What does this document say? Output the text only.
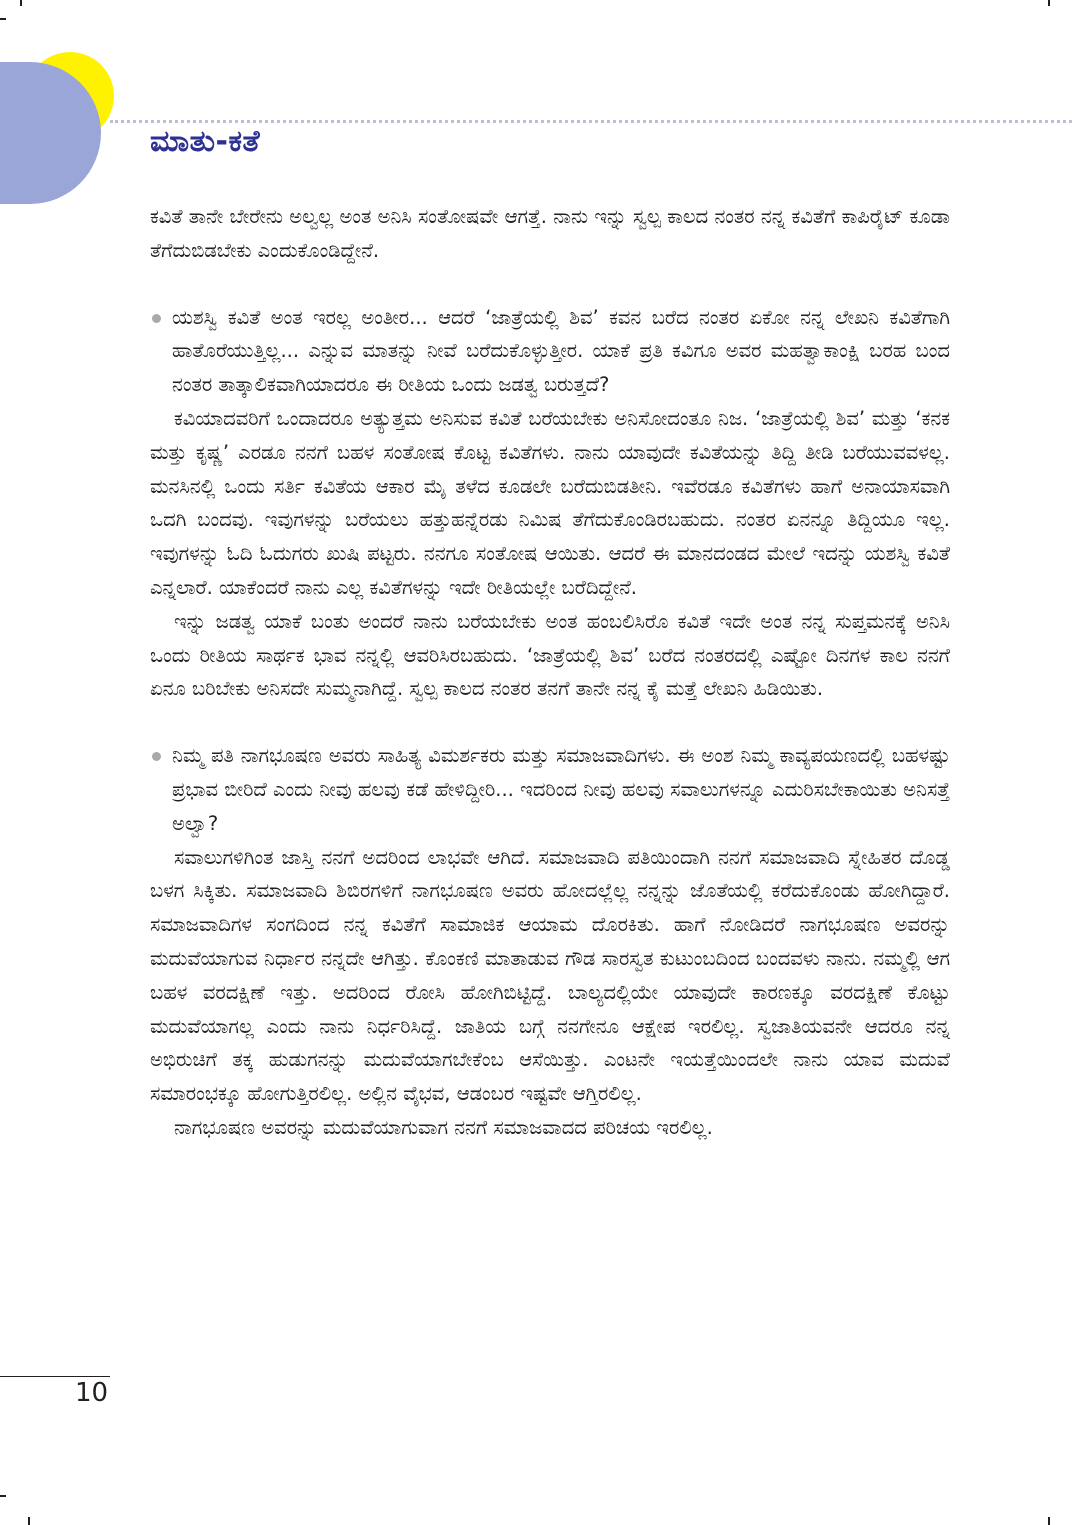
ಮಾತು-ಕತೆ

ಕವಿತೆ ತಾನೇ ಬೇರೇನು ಅಲ್ವಲ್ಲ ಅಂತ ಅನಿಸಿ ಸಂತೋಷವೇ ಆಗತ್ತೆ. ನಾನು ಇನ್ನು ಸ್ವಲ್ಪ ಕಾಲದ ನಂತರ ನನ್ನ ಕವಿತೆಗೆ ಕಾಪಿರೈಟ್ ಕೂಡಾ ತೆಗೆದುಬಿಡಬೇಕು ಎಂದುಕೊಂಡಿದ್ದೇನೆ.

ಯಶಸ್ವಿ ಕವಿತೆ ಅಂತ ಇರಲ್ಲ ಅಂತೀರ... ಆದರೆ ‘ಜಾತ್ರೆಯಲ್ಲಿ ಶಿವ’ ಕವನ ಬರೆದ ನಂತರ ಏಕೋ ನನ್ನ ಲೇಖನಿ ಕವಿತೆಗಾಗಿ ಹಾತೊರೆಯುತ್ತಿಲ್ಲ... ಎನ್ನುವ ಮಾತನ್ನು ನೀವೆ ಬರೆದುಕೊಳ್ಳುತ್ತೀರ. ಯಾಕೆ ಪ್ರತಿ ಕವಿಗೂ ಅವರ ಮಹತ್ವಾಕಾಂಕ್ಷಿ ಬರಹ ಬಂದ ನಂತರ ತಾತ್ಕಾಲಿಕವಾಗಿಯಾದರೂ ಈ ರೀತಿಯ ಒಂದು ಜಡತ್ವ ಬರುತ್ತದೆ?

ಕವಿಯಾದವರಿಗೆ ಒಂದಾದರೂ ಅತ್ಯುತ್ತಮ ಅನಿಸುವ ಕವಿತೆ ಬರೆಯಬೇಕು ಅನಿಸೋದಂತೂ ನಿಜ. ‘ಜಾತ್ರೆಯಲ್ಲಿ ಶಿವ’ ಮತ್ತು ‘ಕನಕ ಮತ್ತು ಕೃಷ್ಣ’ ಎರಡೂ ನನಗೆ ಬಹಳ ಸಂತೋಷ ಕೊಟ್ಟ ಕವಿತೆಗಳು. ನಾನು ಯಾವುದೇ ಕವಿತೆಯನ್ನು ತಿದ್ದಿ ತೀಡಿ ಬರೆಯುವವಳಲ್ಲ. ಮನಸಿನಲ್ಲಿ ಒಂದು ಸರ್ತಿ ಕವಿತೆಯ ಆಕಾರ ಮೈ ತಳೆದ ಕೂಡಲೇ ಬರೆದುಬಿಡತೀನಿ. ಇವೆರಡೂ ಕವಿತೆಗಳು ಹಾಗೆ ಅನಾಯಾಸವಾಗಿ ಒದಗಿ ಬಂದವು. ಇವುಗಳನ್ನು ಬರೆಯಲು ಹತ್ತುಹನ್ನೆರಡು ನಿಮಿಷ ತೆಗೆದುಕೊಂಡಿರಬಹುದು. ನಂತರ ಏನನ್ನೂ ತಿದ್ದಿಯೂ ಇಲ್ಲ. ಇವುಗಳನ್ನು ಓದಿ ಓದುಗರು ಖುಷಿ ಪಟ್ಟರು. ನನಗೂ ಸಂತೋಷ ಆಯಿತು. ಆದರೆ ಈ ಮಾನದಂಡದ ಮೇಲೆ ಇದನ್ನು ಯಶಸ್ವಿ ಕವಿತೆ ಎನ್ನಲಾರೆ. ಯಾಕೆಂದರೆ ನಾನು ಎಲ್ಲ ಕವಿತೆಗಳನ್ನು ಇದೇ ರೀತಿಯಲ್ಲೇ ಬರೆದಿದ್ದೇನೆ.

ಇನ್ನು ಜಡತ್ವ ಯಾಕೆ ಬಂತು ಅಂದರೆ ನಾನು ಬರೆಯಬೇಕು ಅಂತ ಹಂಬಲಿಸಿರೊ ಕವಿತೆ ಇದೇ ಅಂತ ನನ್ನ ಸುಪ್ತಮನಕ್ಕೆ ಅನಿಸಿ ಒಂದು ರೀತಿಯ ಸಾರ್ಥಕ ಭಾವ ನನ್ನಲ್ಲಿ ಆವರಿಸಿರಬಹುದು. ‘ಜಾತ್ರೆಯಲ್ಲಿ ಶಿವ’ ಬರೆದ ನಂತರದಲ್ಲಿ ಎಷ್ಟೋ ದಿನಗಳ ಕಾಲ ನನಗೆ ಏನೂ ಬರಿಬೇಕು ಅನಿಸದೇ ಸುಮ್ಮನಾಗಿದ್ದೆ. ಸ್ವಲ್ಪ ಕಾಲದ ನಂತರ ತನಗೆ ತಾನೇ ನನ್ನ ಕೈ ಮತ್ತೆ ಲೇಖನಿ ಹಿಡಿಯಿತು.

ನಿಮ್ಮ ಪತಿ ನಾಗಭೂಷಣ ಅವರು ಸಾಹಿತ್ಯ ವಿಮರ್ಶಕರು ಮತ್ತು ಸಮಾಜವಾದಿಗಳು. ಈ ಅಂಶ ನಿಮ್ಮ ಕಾವ್ಯಪಯಣದಲ್ಲಿ ಬಹಳಷ್ಟು ಪ್ರಭಾವ ಬೀರಿದೆ ಎಂದು ನೀವು ಹಲವು ಕಡೆ ಹೇಳಿದ್ದೀರಿ... ಇದರಿಂದ ನೀವು ಹಲವು ಸವಾಲುಗಳನ್ನೂ ಎದುರಿಸಬೇಕಾಯಿತು ಅನಿಸತ್ತೆ ಅಲ್ವಾ?

ಸವಾಲುಗಳಿಗಿಂತ ಜಾಸ್ತಿ ನನಗೆ ಅದರಿಂದ ಲಾಭವೇ ಆಗಿದೆ. ಸಮಾಜವಾದಿ ಪತಿಯಿಂದಾಗಿ ನನಗೆ ಸಮಾಜವಾದಿ ಸ್ನೇಹಿತರ ದೊಡ್ಡ ಬಳಗ ಸಿಕ್ಕಿತು. ಸಮಾಜವಾದಿ ಶಿಬಿರಗಳಿಗೆ ನಾಗಭೂಷಣ ಅವರು ಹೋದಲ್ಲೆಲ್ಲ ನನ್ನನ್ನು ಜೊತೆಯಲ್ಲಿ ಕರೆದುಕೊಂಡು ಹೋಗಿದ್ದಾರೆ. ಸಮಾಜವಾದಿಗಳ ಸಂಗದಿಂದ ನನ್ನ ಕವಿತೆಗೆ ಸಾಮಾಜಿಕ ಆಯಾಮ ದೊರಕಿತು. ಹಾಗೆ ನೋಡಿದರೆ ನಾಗಭೂಷಣ ಅವರನ್ನು ಮದುವೆಯಾಗುವ ನಿರ್ಧಾರ ನನ್ನದೇ ಆಗಿತ್ತು. ಕೊಂಕಣಿ ಮಾತಾಡುವ ಗೌಡ ಸಾರಸ್ವತ ಕುಟುಂಬದಿಂದ ಬಂದವಳು ನಾನು. ನಮ್ಮಲ್ಲಿ ಆಗ ಬಹಳ ವರದಕ್ಷಿಣೆ ಇತ್ತು. ಅದರಿಂದ ರೋಸಿ ಹೋಗಿಬಿಟ್ಟಿದ್ದೆ. ಬಾಲ್ಯದಲ್ಲಿಯೇ ಯಾವುದೇ ಕಾರಣಕ್ಕೂ ವರದಕ್ಷಿಣೆ ಕೊಟ್ಟು ಮದುವೆಯಾಗಲ್ಲ ಎಂದು ನಾನು ನಿರ್ಧರಿಸಿದ್ದೆ. ಜಾತಿಯ ಬಗ್ಗೆ ನನಗೇನೂ ಆಕ್ಷೇಪ ಇರಲಿಲ್ಲ. ಸ್ವಜಾತಿಯವನೇ ಆದರೂ ನನ್ನ ಅಭಿರುಚಿಗೆ ತಕ್ಕ ಹುಡುಗನನ್ನು ಮದುವೆಯಾಗಬೇಕೆಂಬ ಆಸೆಯಿತ್ತು. ಎಂಟನೇ ಇಯತ್ತೆಯಿಂದಲೇ ನಾನು ಯಾವ ಮದುವೆ ಸಮಾರಂಭಕ್ಕೂ ಹೋಗುತ್ತಿರಲಿಲ್ಲ. ಅಲ್ಲಿನ ವೈಭವ, ಆಡಂಬರ ಇಷ್ಟವೇ ಆಗ್ತಿರಲಿಲ್ಲ.

ನಾಗಭೂಷಣ ಅವರನ್ನು ಮದುವೆಯಾಗುವಾಗ ನನಗೆ ಸಮಾಜವಾದದ ಪರಿಚಯ ಇರಲಿಲ್ಲ.

10
